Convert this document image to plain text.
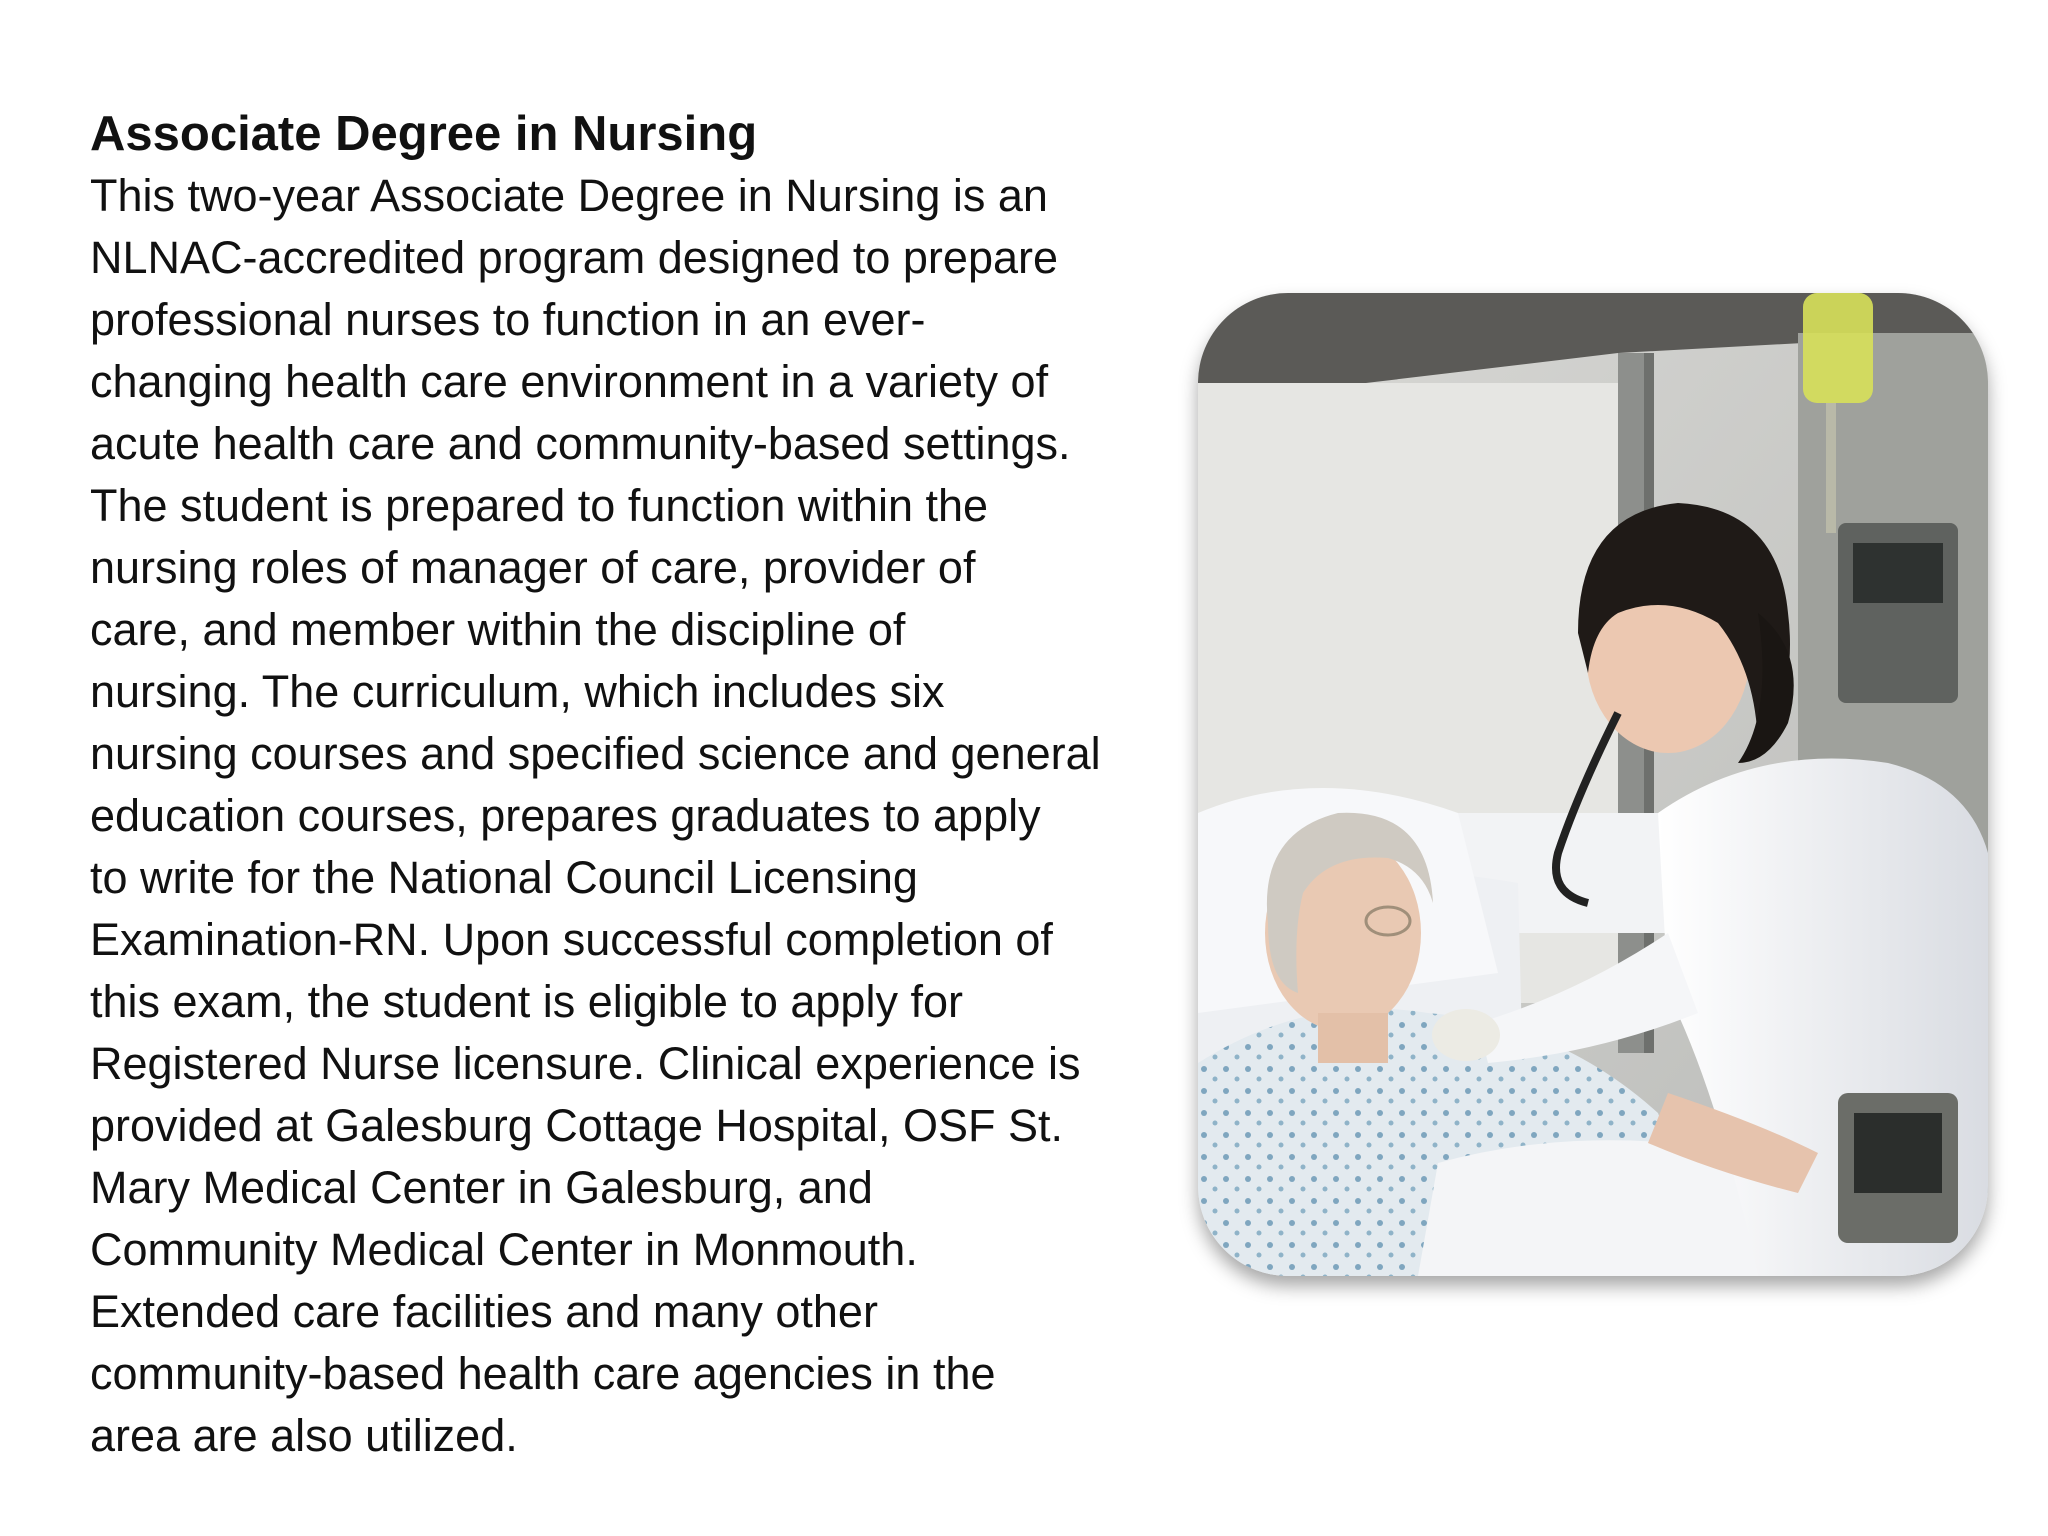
Associate Degree in Nursing
This two-year Associate Degree in Nursing is an
NLNAC-accredited program designed to prepare
professional nurses to function in an ever-
changing health care environment in a variety of
acute health care and community-based settings.
The student is prepared to function within the
nursing roles of manager of care, provider of
care, and member within the discipline of
nursing. The curriculum, which includes six
nursing courses and specified science and general
education courses, prepares graduates to apply
to write for the National Council Licensing
Examination-RN. Upon successful completion of
this exam, the student is eligible to apply for
Registered Nurse licensure. Clinical experience is
provided at Galesburg Cottage Hospital, OSF St.
Mary Medical Center in Galesburg, and
Community Medical Center in Monmouth.
Extended care facilities and many other
community-based health care agencies in the
area are also utilized.
